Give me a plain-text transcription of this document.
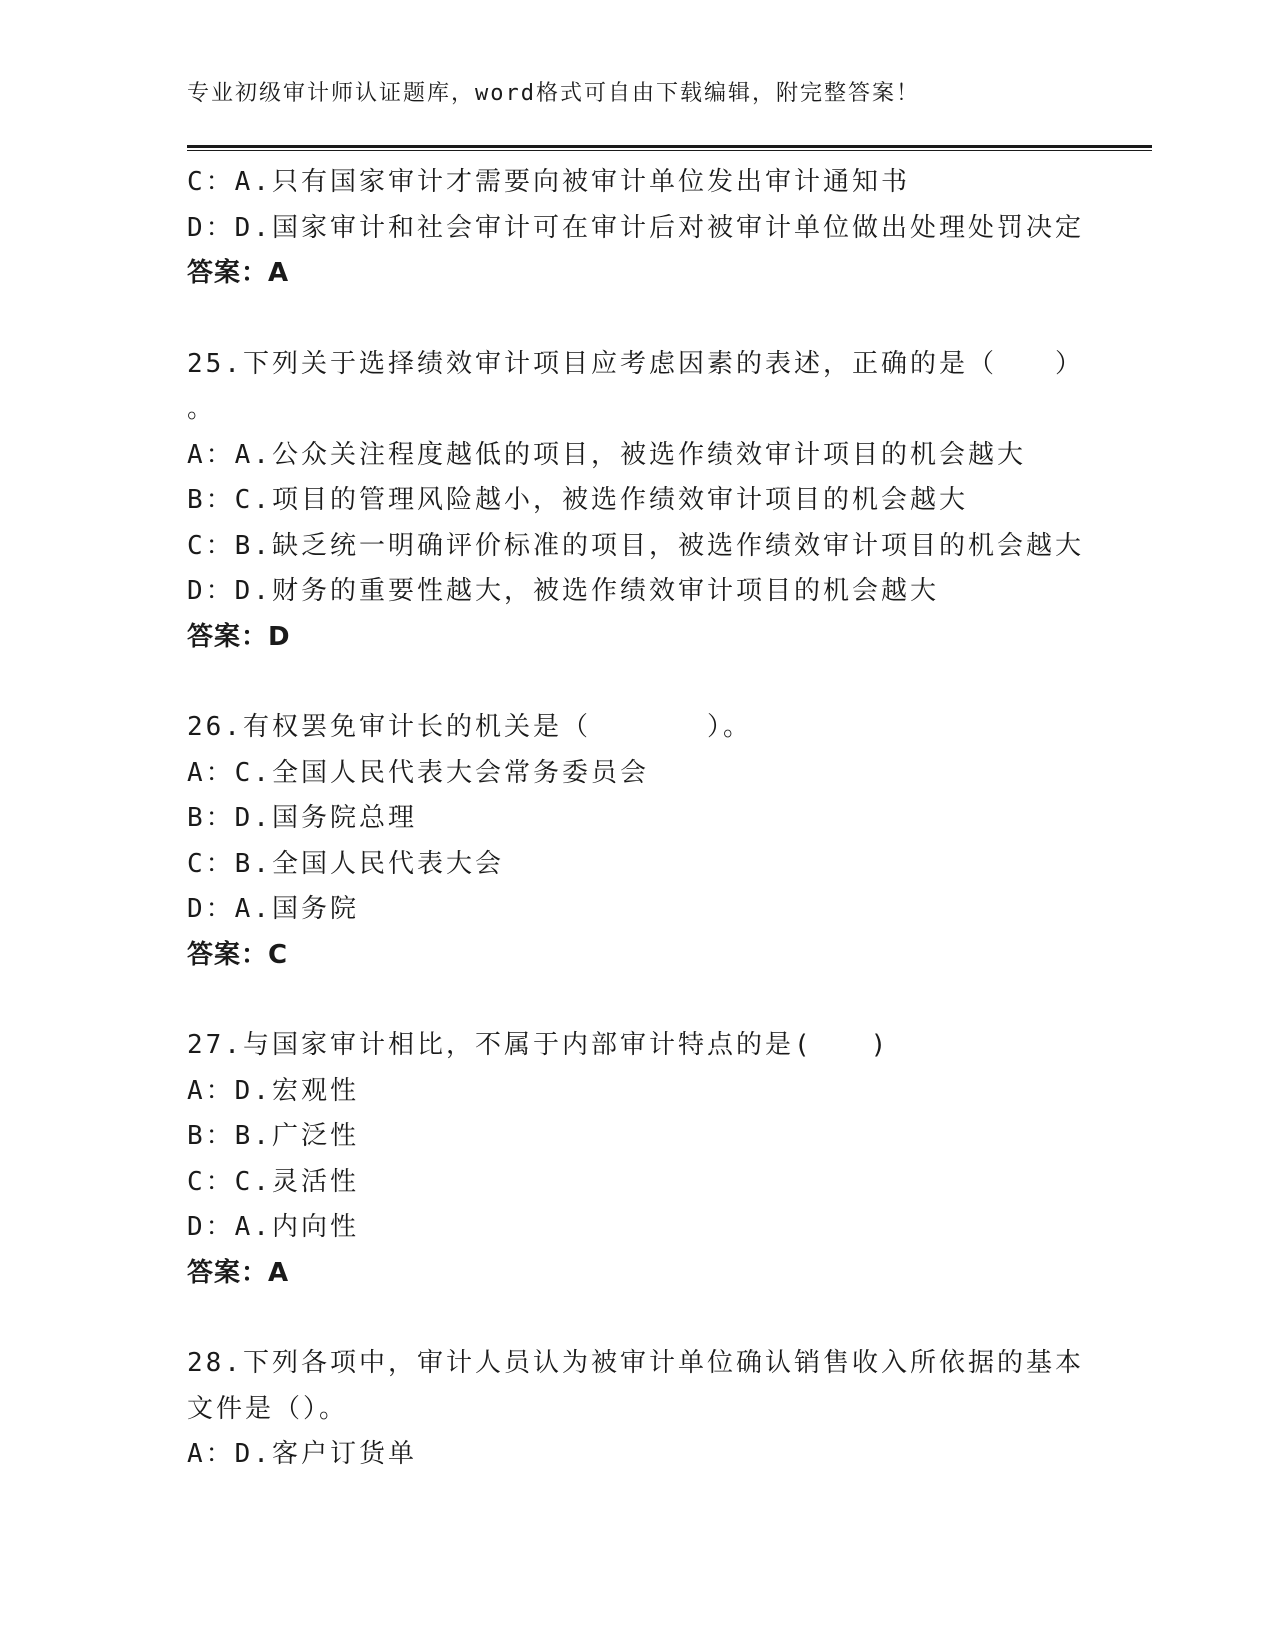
专业初级审计师认证题库，word格式可自由下载编辑，附完整答案！
C：A.只有国家审计才需要向被审计单位发出审计通知书
D：D.国家审计和社会审计可在审计后对被审计单位做出处理处罚决定
答案：A
25.下列关于选择绩效审计项目应考虑因素的表述，正确的是（　　）
。
A：A.公众关注程度越低的项目，被选作绩效审计项目的机会越大
B：C.项目的管理风险越小，被选作绩效审计项目的机会越大
C：B.缺乏统一明确评价标准的项目，被选作绩效审计项目的机会越大
D：D.财务的重要性越大，被选作绩效审计项目的机会越大
答案：D
26.有权罢免审计长的机关是（　　　　）。
A：C.全国人民代表大会常务委员会
B：D.国务院总理
C：B.全国人民代表大会
D：A.国务院
答案：C
27.与国家审计相比，不属于内部审计特点的是(　　)
A：D.宏观性
B：B.广泛性
C：C.灵活性
D：A.内向性
答案：A
28.下列各项中，审计人员认为被审计单位确认销售收入所依据的基本
文件是（）。
A：D.客户订货单
